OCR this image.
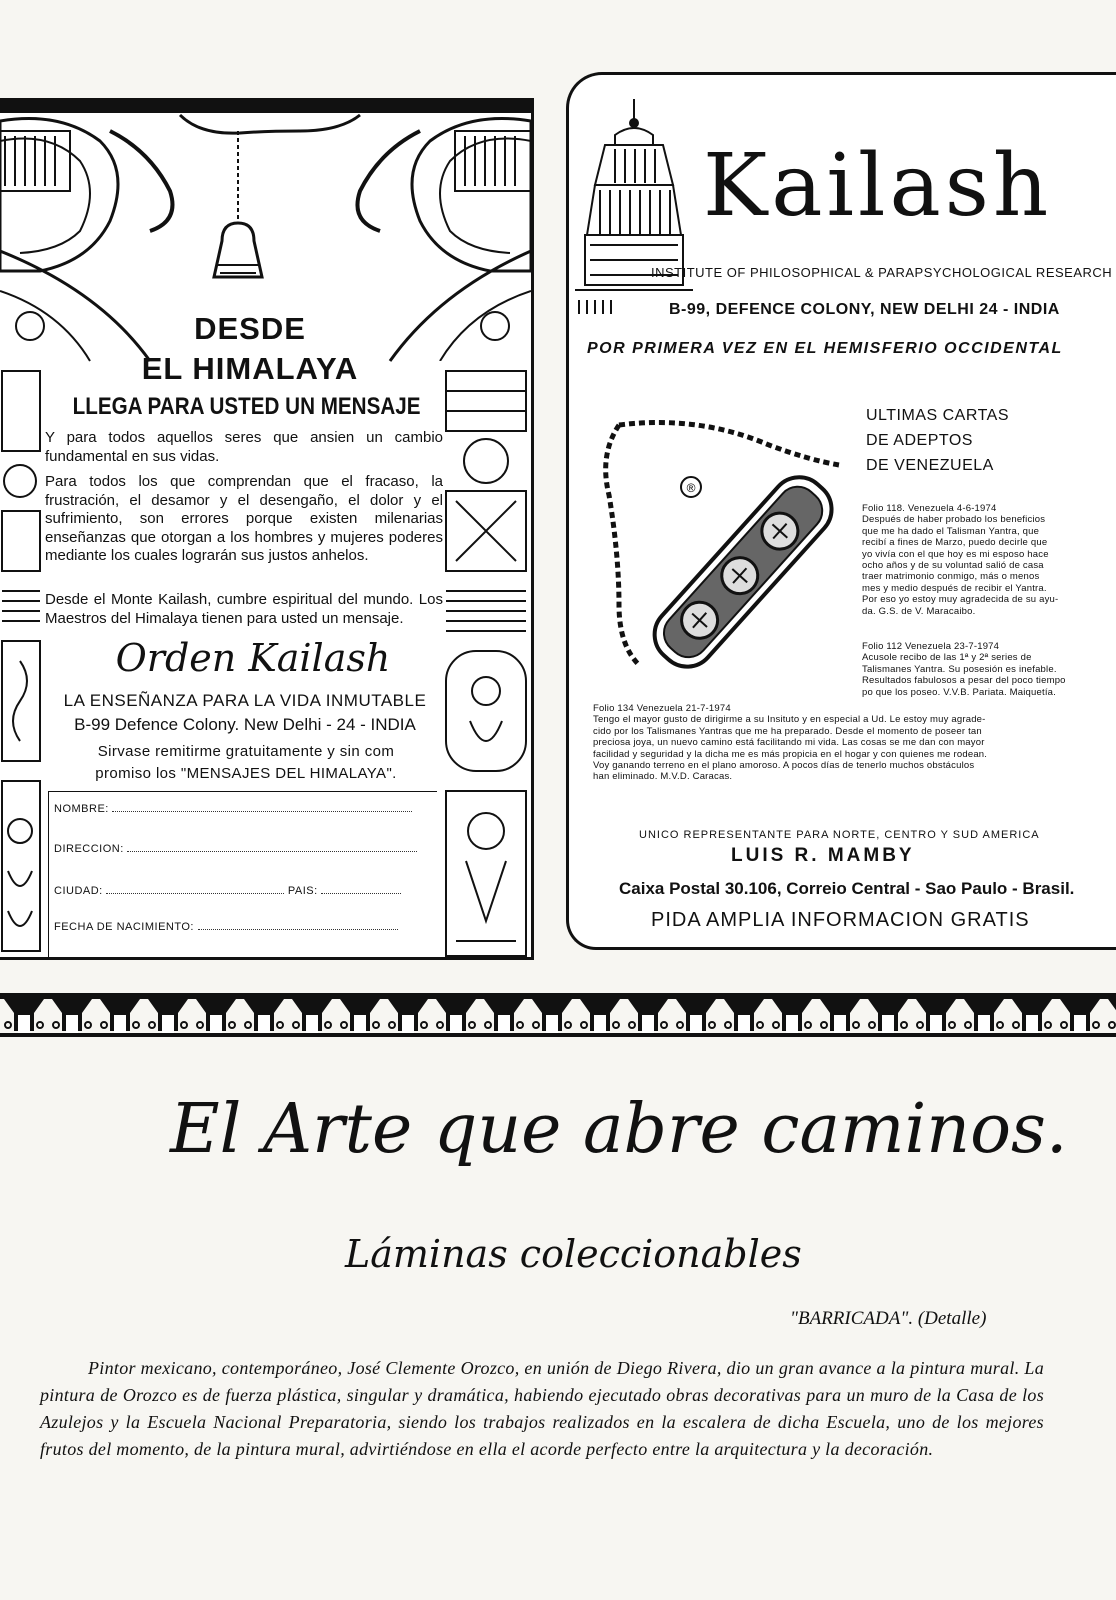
DESDE
EL HIMALAYA
LLEGA PARA USTED UN MENSAJE
Y para todos aquellos seres que ansien un cambio fundamental en sus vidas.
Para todos los que comprendan que el fracaso, la frustración, el desamor y el desengaño, el dolor y el sufrimiento, son errores porque existen milenarias enseñanzas que otorgan a los hombres y mujeres poderes mediante los cuales lograrán sus justos anhelos.
Desde el Monte Kailash, cumbre espiritual del mundo. Los Maestros del Himalaya tienen para usted un mensaje.
Orden Kailash
LA ENSEÑANZA PARA LA VIDA INMUTABLE
B-99 Defence Colony. New Delhi - 24 - INDIA
Sirvase remitirme gratuitamente y sin com
promiso los "MENSAJES DEL HIMALAYA".
NOMBRE:
DIRECCION:
CIUDAD:	PAIS:
FECHA DE NACIMIENTO:
Kailash
INSTITUTE OF PHILOSOPHICAL & PARAPSYCHOLOGICAL RESEARCH
B-99, DEFENCE COLONY, NEW DELHI 24 - INDIA
POR PRIMERA VEZ EN EL HEMISFERIO OCCIDENTAL
®
ULTIMAS CARTAS
DE ADEPTOS
DE VENEZUELA
Folio 118. Venezuela 4-6-1974
Después de haber probado los beneficios
que me ha dado el Talisman Yantra, que
recibí a fines de Marzo, puedo decirle que
yo vivía con el que hoy es mi esposo hace
ocho años y de su voluntad salió de casa
traer matrimonio conmigo, más o menos
mes y medio después de recibir el Yantra.
Por eso yo estoy muy agradecida de su ayu-
da. G.S. de V. Maracaibo.
Folio 112 Venezuela 23-7-1974
Acusole recibo de las 1ª y 2ª series de
Talismanes Yantra. Su posesión es inefable.
Resultados fabulosos a pesar del poco tiempo
po que los poseo. V.V.B. Pariata. Maiquetía.
Folio 134 Venezuela 21-7-1974
Tengo el mayor gusto de dirigirme a su Insituto y en especial a Ud. Le estoy muy agrade-
cido por los Talismanes Yantras que me ha preparado. Desde el momento de poseer tan
preciosa joya, un nuevo camino está facilitando mi vida. Las cosas se me dan con mayor
facilidad y seguridad y la dicha me es más propicia en el hogar y con quienes me rodean.
Voy ganando terreno en el plano amoroso. A pocos días de tenerlo muchos obstáculos
han eliminado. M.V.D. Caracas.
UNICO REPRESENTANTE PARA NORTE, CENTRO Y SUD AMERICA
LUIS R. MAMBY
Caixa Postal 30.106, Correio Central - Sao Paulo - Brasil.
PIDA AMPLIA INFORMACION GRATIS
El Arte que abre caminos.
Láminas coleccionables
"BARRICADA". (Detalle)
Pintor mexicano, contemporáneo, José Clemente Orozco, en unión de Diego Rivera, dio un gran avance a la pintura mural. La pintura de Orozco es de fuerza plástica, singular y dramática, habiendo ejecutado obras decorativas para un muro de la Casa de los Azulejos y la Escuela Nacional Preparatoria, siendo los trabajos realizados en la escalera de dicha Escuela, uno de los mejores frutos del momento, de la pintura mural, advirtiéndose en ella el acorde perfecto entre la arquitectura y la decoración.
